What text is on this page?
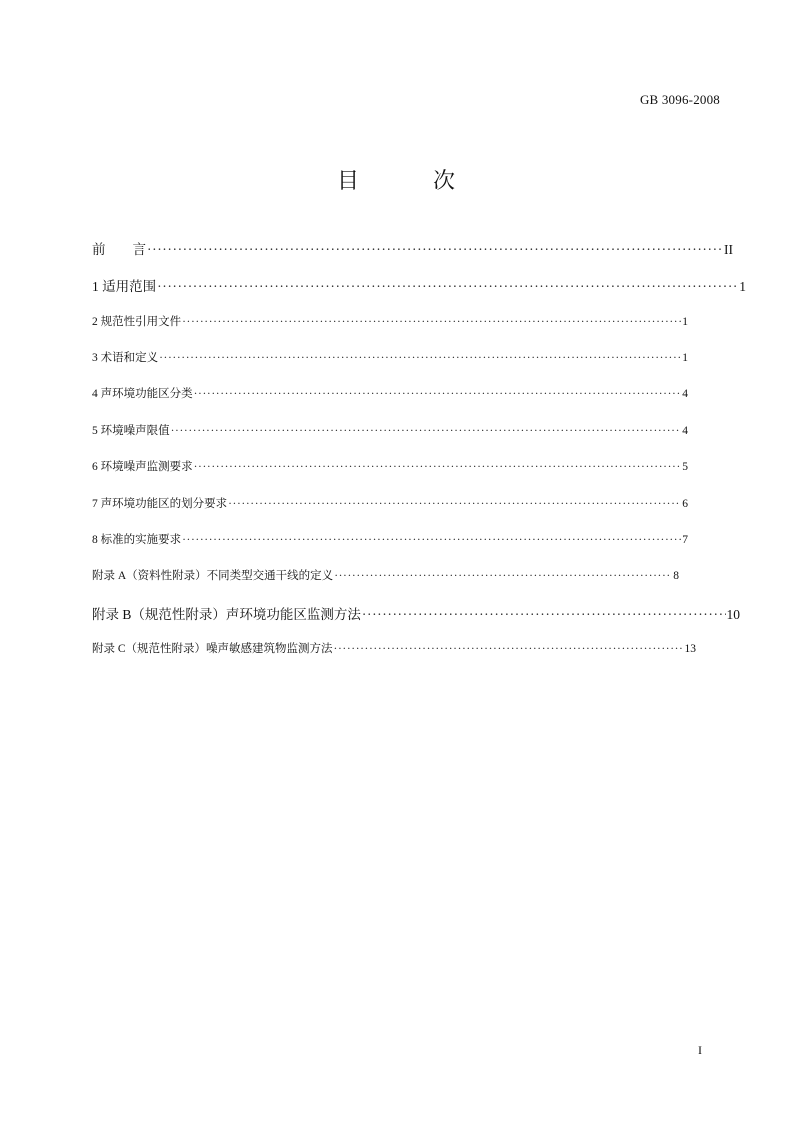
GB 3096-2008
目　次
前　　言 ·····	II
1 适用范围 ·····	1
2 规范性引用文件 ·····	1
3 术语和定义 ·····	1
4 声环境功能区分类 ·····	4
5 环境噪声限值 ·····	4
6 环境噪声监测要求 ·····	5
7 声环境功能区的划分要求 ·····	6
8 标准的实施要求 ·····	7
附录 A（资料性附录）不同类型交通干线的定义 ·····	8
附录 B（规范性附录）声环境功能区监测方法 ·····	10
附录 C（规范性附录）噪声敏感建筑物监测方法 ·····	13
I
